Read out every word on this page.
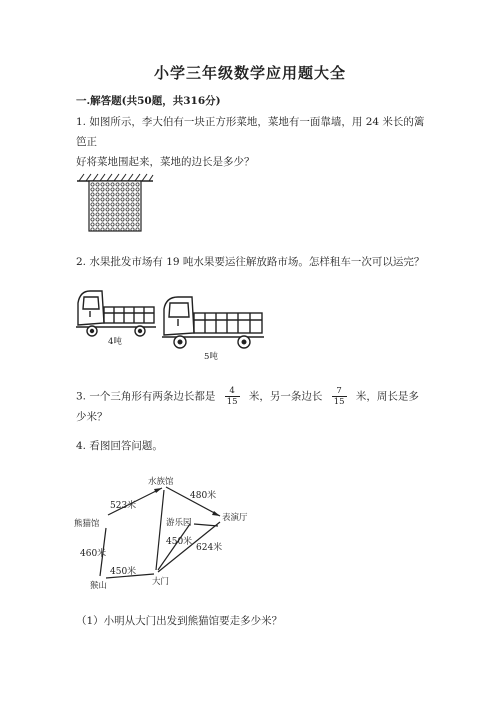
小学三年级数学应用题大全
一.解答题(共50题，共316分)
1. 如图所示，李大伯有一块正方形菜地，菜地有一面靠墙，用 24 米长的篱笆正
好将菜地围起来，菜地的边长是多少？
2. 水果批发市场有 19 吨水果要运往解放路市场。怎样租车一次可以运完？
4吨
5吨
3. 一个三角形有两条边长都是 $\frac{4}{15}$ 米，另一条边长 $\frac{7}{15}$ 米，周长是多
少米？
4. 看图回答问题。
水族馆
熊猫馆	游乐园	表演厅
猴山	大门
523米
480米
460米
450米
450米
624米
（1）小明从大门出发到熊猫馆要走多少米？
